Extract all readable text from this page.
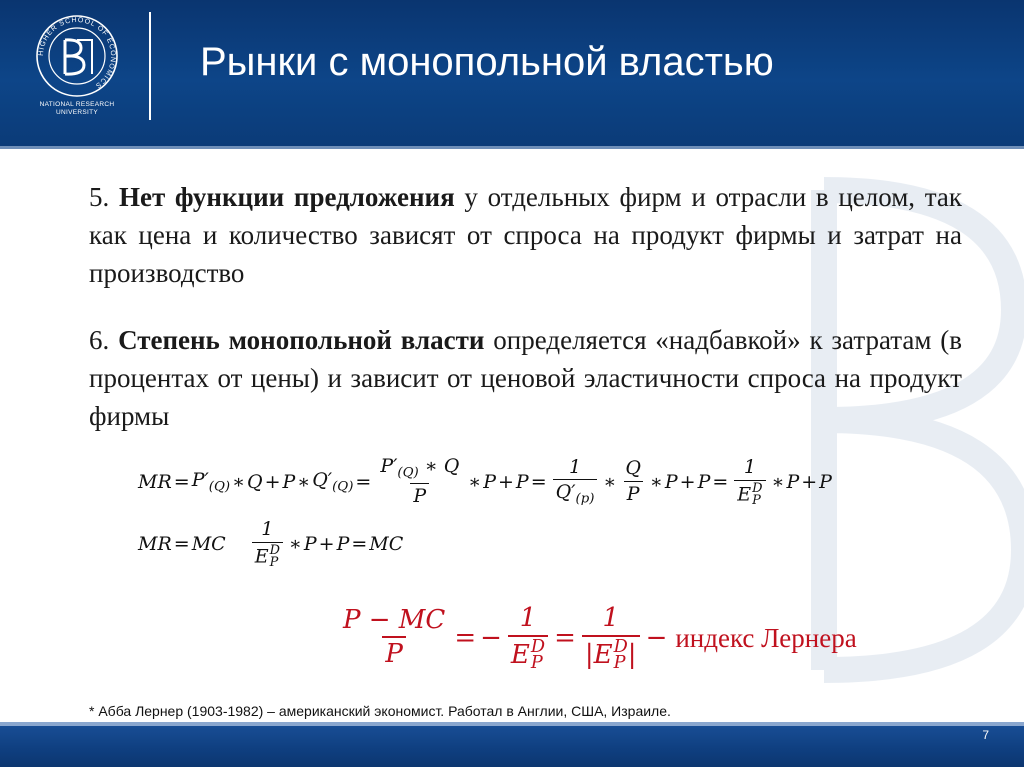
HIGHER SCHOOL OF ECONOMICS
NATIONAL RESEARCH
UNIVERSITY
Рынки с монопольной властью
5. Нет функции предложения у отдельных фирм и отрасли в целом, так как цена и количество зависят от спроса на продукт фирмы и затрат на производство
6. Степень монопольной власти определяется «надбавкой» к затратам (в процентах от цены) и зависит от ценовой эластичности спроса на продукт фирмы
MR = $P'_{(Q)}$ ∗ Q + P ∗ $Q'_{(Q)} = \frac{P'_{(Q)} ∗ Q}{P}$ ∗ $P + P = \frac{1}{Q'_{(p)}}$ ∗ $\frac{Q}{P}$ ∗ P + P = 1
E D
P ∗ P + P
MR = MC 1
E D
P ∗ P + P = MC
$\frac{P - MC}{P}$ = − 1
E D
P = 1
|E D
P | − индекс Лернера
* Абба Лернер (1903-1982) – американский экономист. Работал в Англии, США, Израиле.
7
